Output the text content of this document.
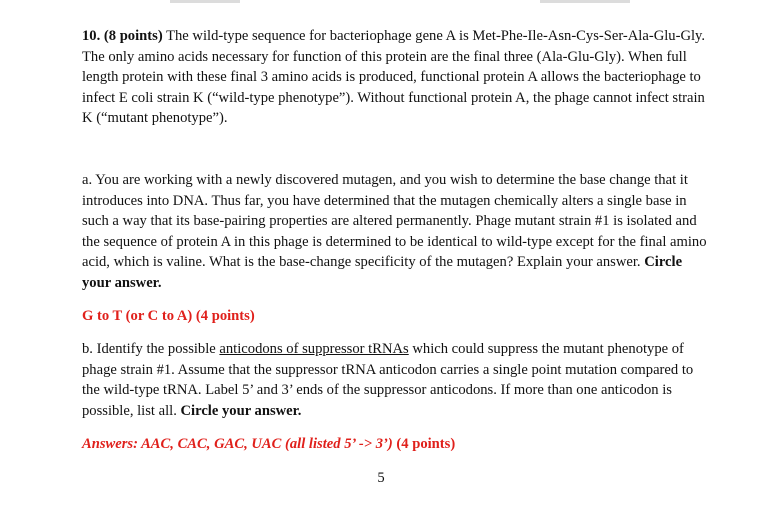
10. (8 points) The wild-type sequence for bacteriophage gene A is Met-Phe-Ile-Asn-Cys-Ser-Ala-Glu-Gly. The only amino acids necessary for function of this protein are the final three (Ala-Glu-Gly). When full length protein with these final 3 amino acids is produced, functional protein A allows the bacteriophage to infect E coli strain K (“wild-type phenotype”). Without functional protein A, the phage cannot infect strain K (“mutant phenotype”).

a. You are working with a newly discovered mutagen, and you wish to determine the base change that it introduces into DNA. Thus far, you have determined that the mutagen chemically alters a single base in such a way that its base-pairing properties are altered permanently. Phage mutant strain #1 is isolated and the sequence of protein A in this phage is determined to be identical to wild-type except for the final amino acid, which is valine. What is the base-change specificity of the mutagen? Explain your answer. Circle your answer.

G to T (or C to A) (4 points)

b. Identify the possible anticodons of suppressor tRNAs which could suppress the mutant phenotype of phage strain #1. Assume that the suppressor tRNA anticodon carries a single point mutation compared to the wild-type tRNA. Label 5’ and 3’ ends of the suppressor anticodons. If more than one anticodon is possible, list all. Circle your answer.

Answers: AAC, CAC, GAC, UAC (all listed 5’ -> 3’) (4 points)

5
